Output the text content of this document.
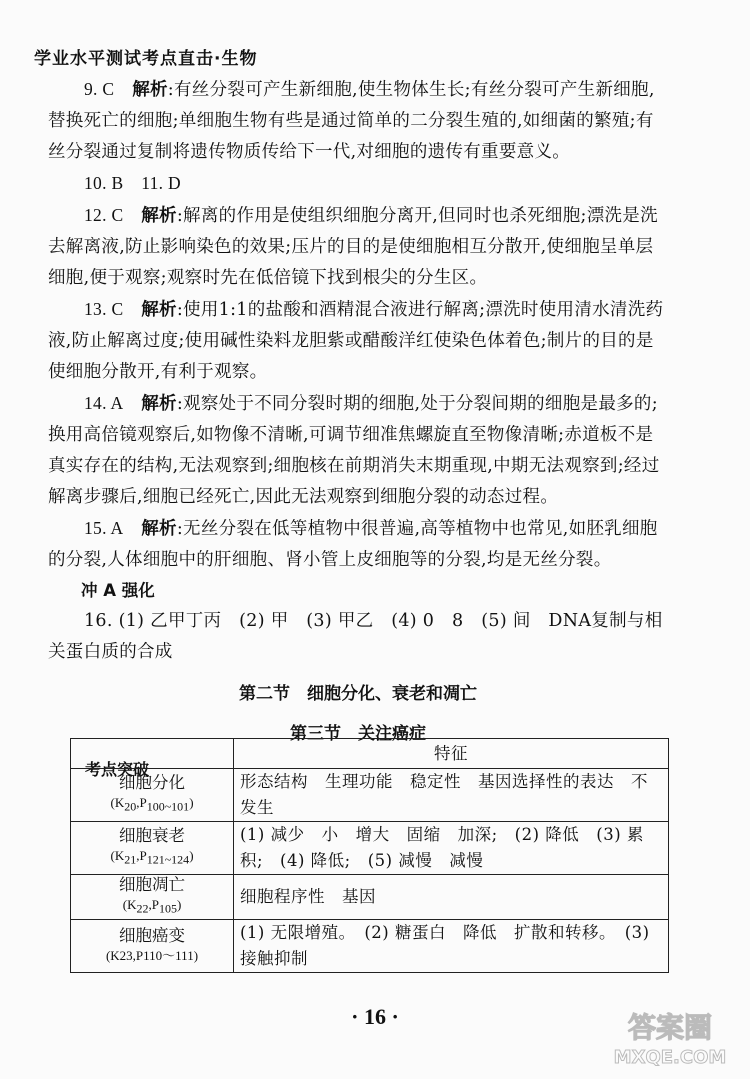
学业水平测试考点直击·生物

9. C　 解析:有丝分裂可产生新细胞,使生物体生长;有丝分裂可产生新细胞,替换死亡的细胞;单细胞生物有些是通过简单的二分裂生殖的,如细菌的繁殖;有丝分裂通过复制将遗传物质传给下一代,对细胞的遗传有重要意义。

10. B　11. D

12. C　 解析:解离的作用是使组织细胞分离开,但同时也杀死细胞;漂洗是洗去解离液,防止影响染色的效果;压片的目的是使细胞相互分散开,使细胞呈单层细胞,便于观察;观察时先在低倍镜下找到根尖的分生区。

13. C　 解析:使用1:1的盐酸和酒精混合液进行解离;漂洗时使用清水清洗药液,防止解离过度;使用碱性染料龙胆紫或醋酸洋红使染色体着色;制片的目的是使细胞分散开,有利于观察。

14. A　 解析:观察处于不同分裂时期的细胞,处于分裂间期的细胞是最多的;换用高倍镜观察后,如物像不清晰,可调节细准焦螺旋直至物像清晰;赤道板不是真实存在的结构,无法观察到;细胞核在前期消失末期重现,中期无法观察到;经过解离步骤后,细胞已经死亡,因此无法观察到细胞分裂的动态过程。

15. A　 解析:无丝分裂在低等植物中很普遍,高等植物中也常见,如胚乳细胞的分裂,人体细胞中的肝细胞、肾小管上皮细胞等的分裂,均是无丝分裂。

冲 A 强化

16. (1) 乙甲丁丙　(2) 甲　(3) 甲乙　(4) 0　8　(5) 间　DNA复制与相关蛋白质的合成

第二节　细胞分化、衰老和凋亡

第三节　关注癌症

考点突破

	特征

细胞分化
$(K_{20},P_{100\sim 101})$	形态结构　生理功能　稳定性　基因选择性的表达　不发生

细胞衰老
$(K_{21},P_{121\sim 124})$	(1) 减少　小　增大　固缩　加深;　(2) 降低　(3) 累积;　(4) 降低;　(5) 减慢　减慢

细胞凋亡
$(K_{22},P_{105})$	细胞程序性　基因

细胞癌变
(K23,P110～111)	(1) 无限增殖。　(2) 糖蛋白　降低　扩散和转移。　(3) 接触抑制
· 16 ·	答案圈
MXQE.COM
